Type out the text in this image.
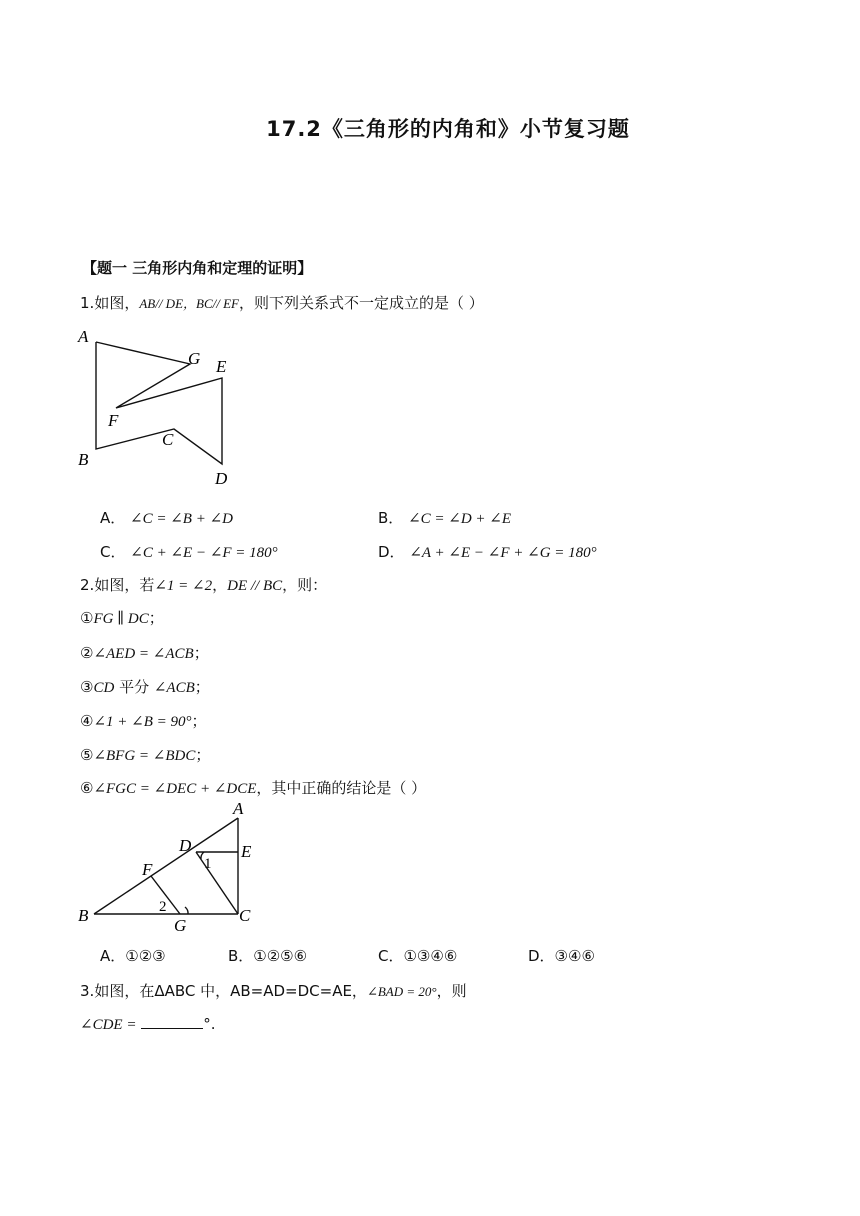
17.2《三角形的内角和》小节复习题
【题一 三角形内角和定理的证明】
1.如图，AB// DE，BC// EF，则下列关系式不一定成立的是（ ）
A
G E
F
C
B
D
A． ∠C = ∠B + ∠D	B． ∠C = ∠D + ∠E
C． ∠C + ∠E − ∠F = 180°	D． ∠A + ∠E − ∠F + ∠G = 180°
2.如图，若∠1 = ∠2，DE // BC，则：
①FG ∥ DC；
②∠AED = ∠ACB；
③CD 平分 ∠ACB；
④∠1 + ∠B = 90°；
⑤∠BFG = ∠BDC；
⑥∠FGC = ∠DEC + ∠DCE，其中正确的结论是（ ）
A
D	E
1
F
2
B
G
C
A．①②③	B．①②⑤⑥	C．①③④⑥	D．③④⑥
3.如图，在ΔABC 中，AB=AD=DC=AE，∠BAD = 20°，则
∠CDE =	°.
